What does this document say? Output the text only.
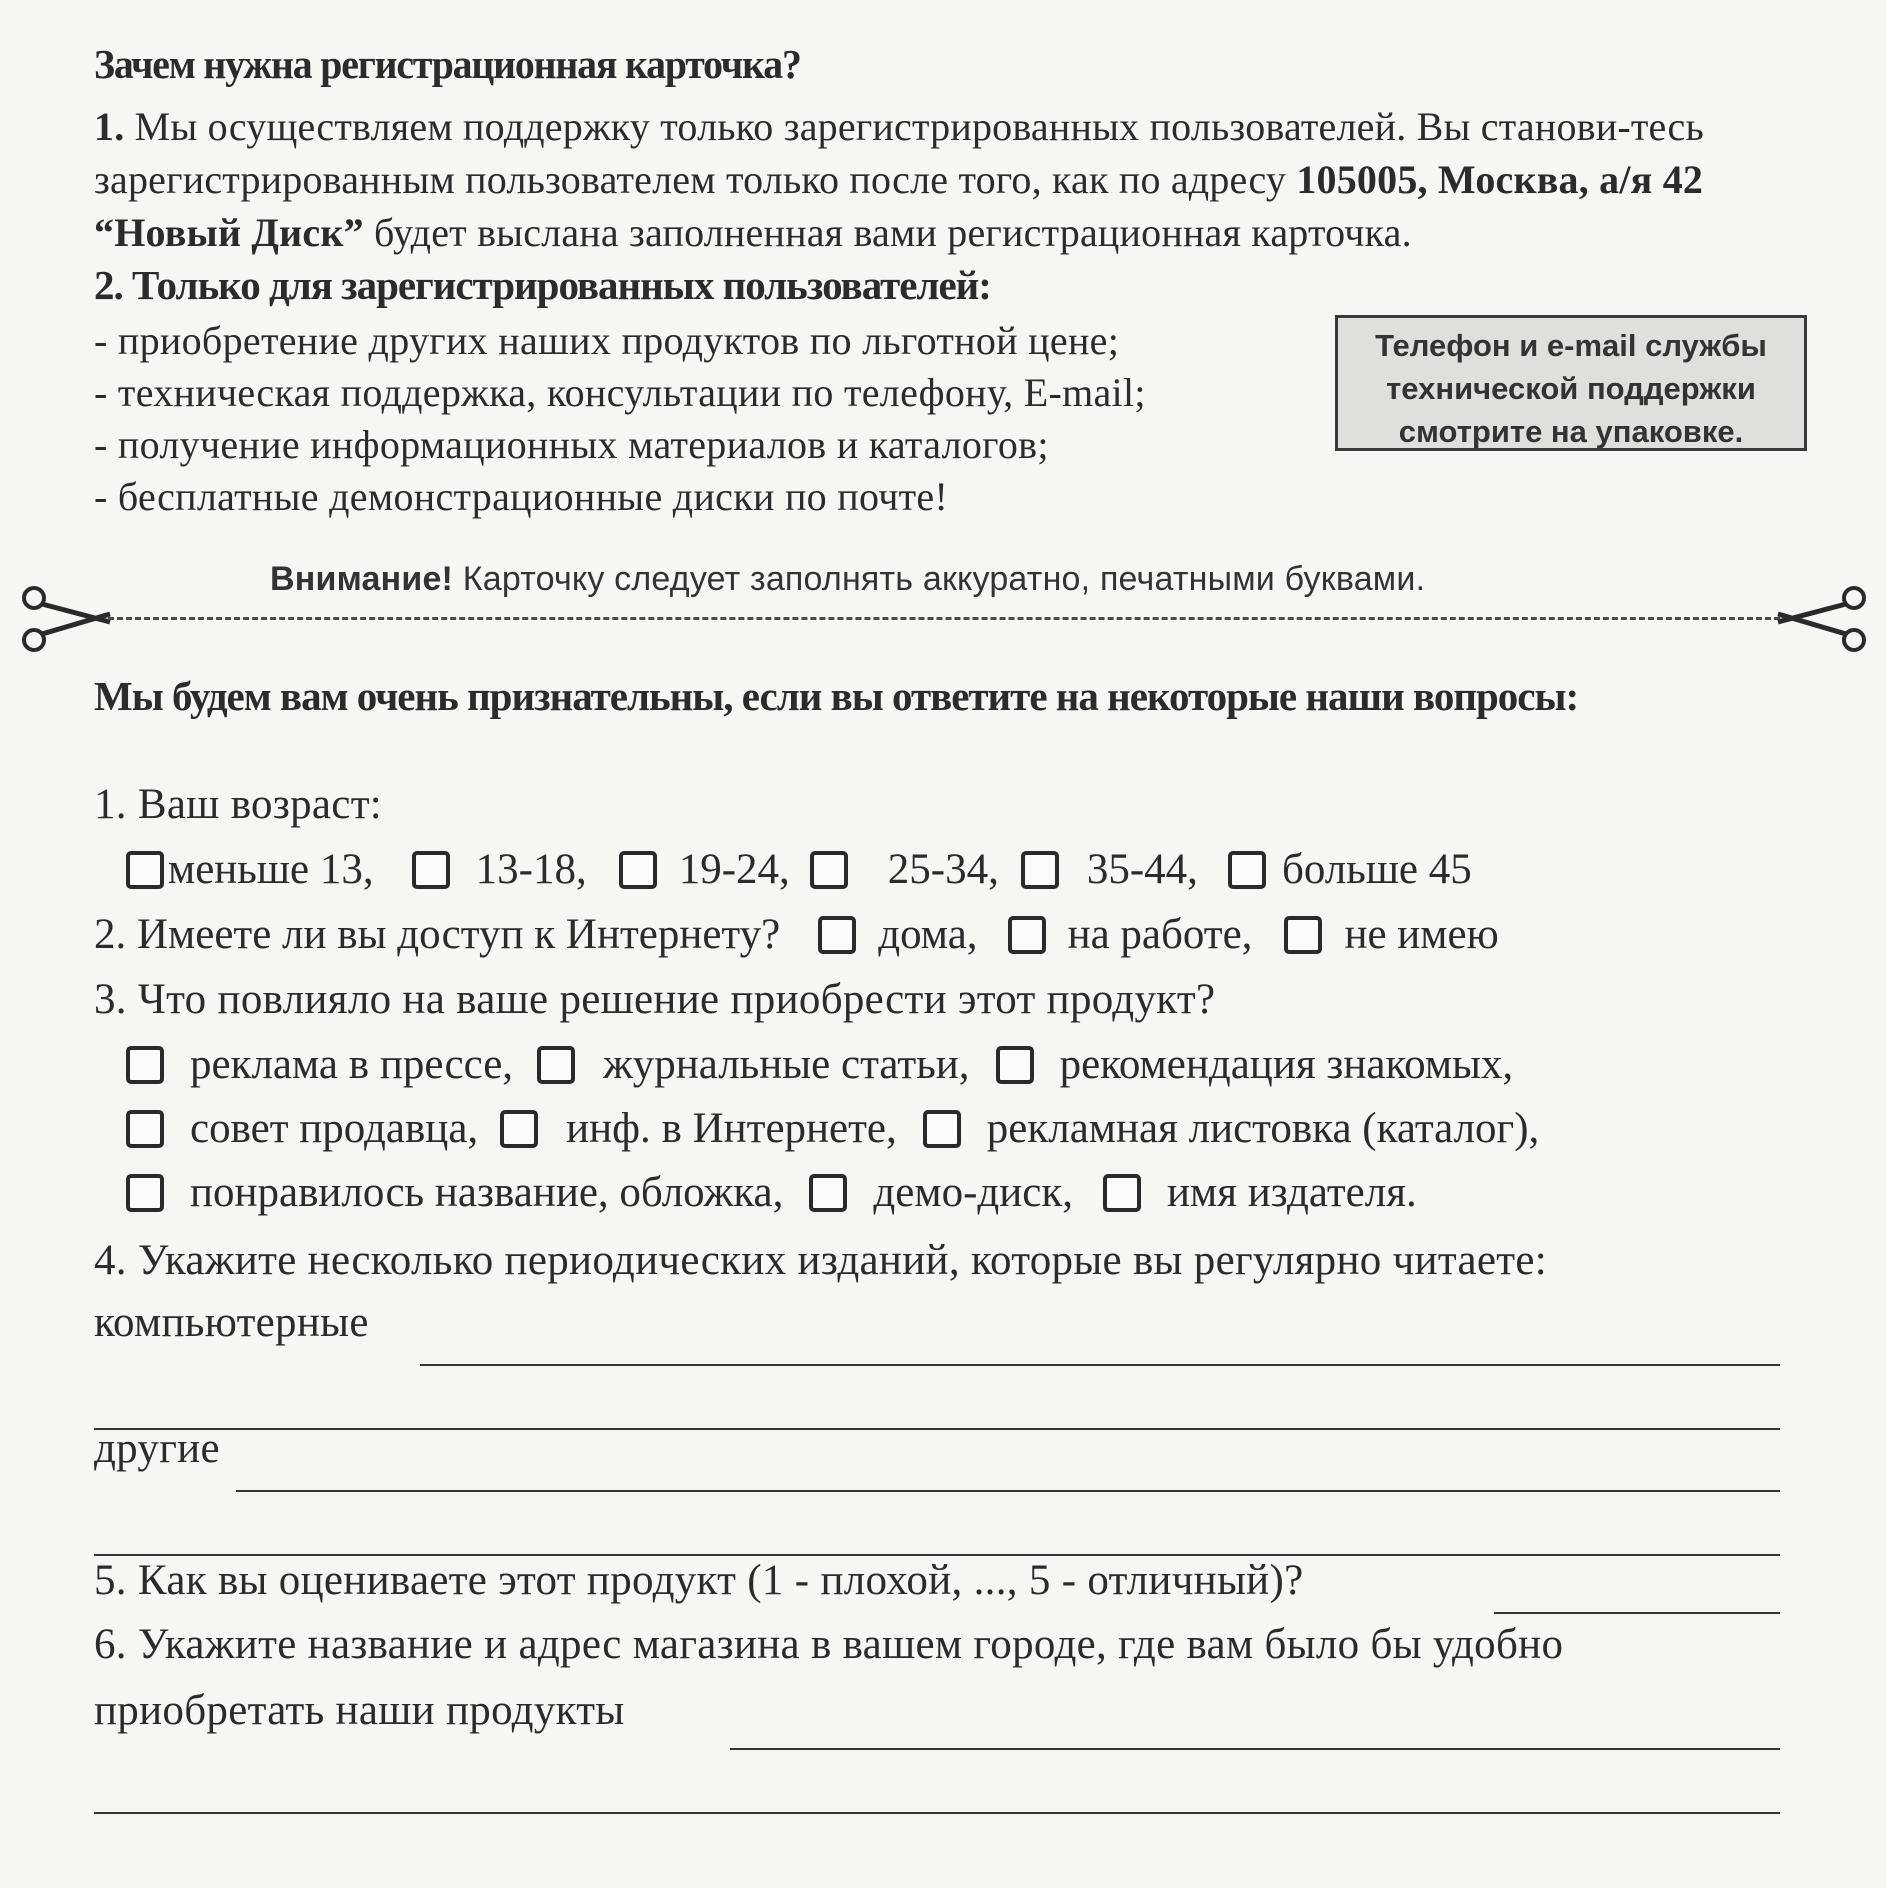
Зачем нужна регистрационная карточка?
1. Мы осуществляем поддержку только зарегистрированных пользователей. Вы станови-тесь зарегистрированным пользователем только после того, как по адресу 105005, Москва, а/я 42 “Новый Диск” будет выслана заполненная вами регистрационная карточка.
2. Только для зарегистрированных пользователей:
- приобретение других наших продуктов по льготной цене;
- техническая поддержка, консультации по телефону, E-mail;
- получение информационных материалов и каталогов;
- бесплатные демонстрационные диски по почте!
Телефон и e-mail службы
технической поддержки
смотрите на упаковке.
Внимание! Карточку следует заполнять аккуратно, печатными буквами.
Мы будем вам очень признательны, если вы ответите на некоторые наши вопросы:
1. Ваш возраст:
меньше 13, 13-18, 19-24, 25-34, 35-44, больше 45
2. Имеете ли вы доступ к Интернету? дома, на работе, не имею
3. Что повлияло на ваше решение приобрести этот продукт?
реклама в прессе, журнальные статьи, рекомендация знакомых,
совет продавца, инф. в Интернете, рекламная листовка (каталог),
понравилось название, обложка, демо-диск, имя издателя.
4. Укажите несколько периодических изданий, которые вы регулярно читаете:
компьютерные
другие
5. Как вы оцениваете этот продукт (1 - плохой, ..., 5 - отличный)?
6. Укажите название и адрес магазина в вашем городе, где вам было бы удобно
приобретать наши продукты
